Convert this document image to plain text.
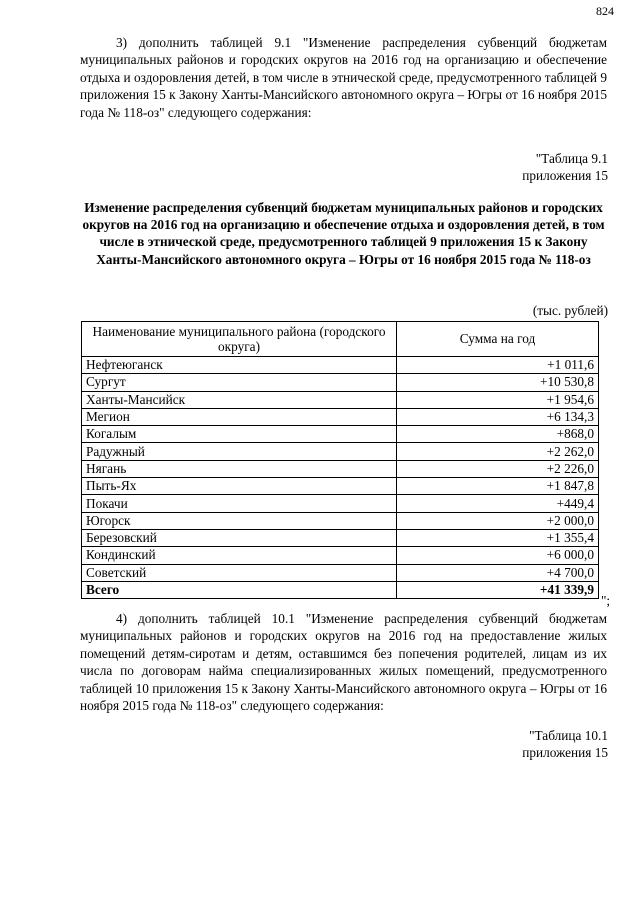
824

3) дополнить таблицей 9.1 "Изменение распределения субвенций бюджетам муниципальных районов и городских округов на 2016 год на организацию и обеспечение отдыха и оздоровления детей, в том числе в этнической среде, предусмотренного таблицей 9 приложения 15 к Закону Ханты-Мансийского автономного округа – Югры от 16 ноября 2015 года № 118-оз" следующего содержания:

"Таблица 9.1
приложения 15

Изменение распределения субвенций бюджетам муниципальных районов и городских округов на 2016 год на организацию и обеспечение отдыха и оздоровления детей, в том числе в этнической среде, предусмотренного таблицей 9 приложения 15 к Закону Ханты-Мансийского автономного округа – Югры от 16 ноября 2015 года № 118-оз

(тыс. рублей)
Наименование муниципального района (городского округа)	Сумма на год
Нефтеюганск	+1 011,6
Сургут	+10 530,8
Ханты-Мансийск	+1 954,6
Мегион	+6 134,3
Когалым	+868,0
Радужный	+2 262,0
Нягань	+2 226,0
Пыть-Ях	+1 847,8
Покачи	+449,4
Югорск	+2 000,0
Березовский	+1 355,4
Кондинский	+6 000,0
Советский	+4 700,0
Всего	+41 339,9
";

4) дополнить таблицей 10.1 "Изменение распределения субвенций бюджетам муниципальных районов и городских округов на 2016 год на предоставление жилых помещений детям-сиротам и детям, оставшимся без попечения родителей, лицам из их числа по договорам найма специализированных жилых помещений, предусмотренного таблицей 10 приложения 15 к Закону Ханты-Мансийского автономного округа – Югры от 16 ноября 2015 года № 118-оз" следующего содержания:

"Таблица 10.1
приложения 15
